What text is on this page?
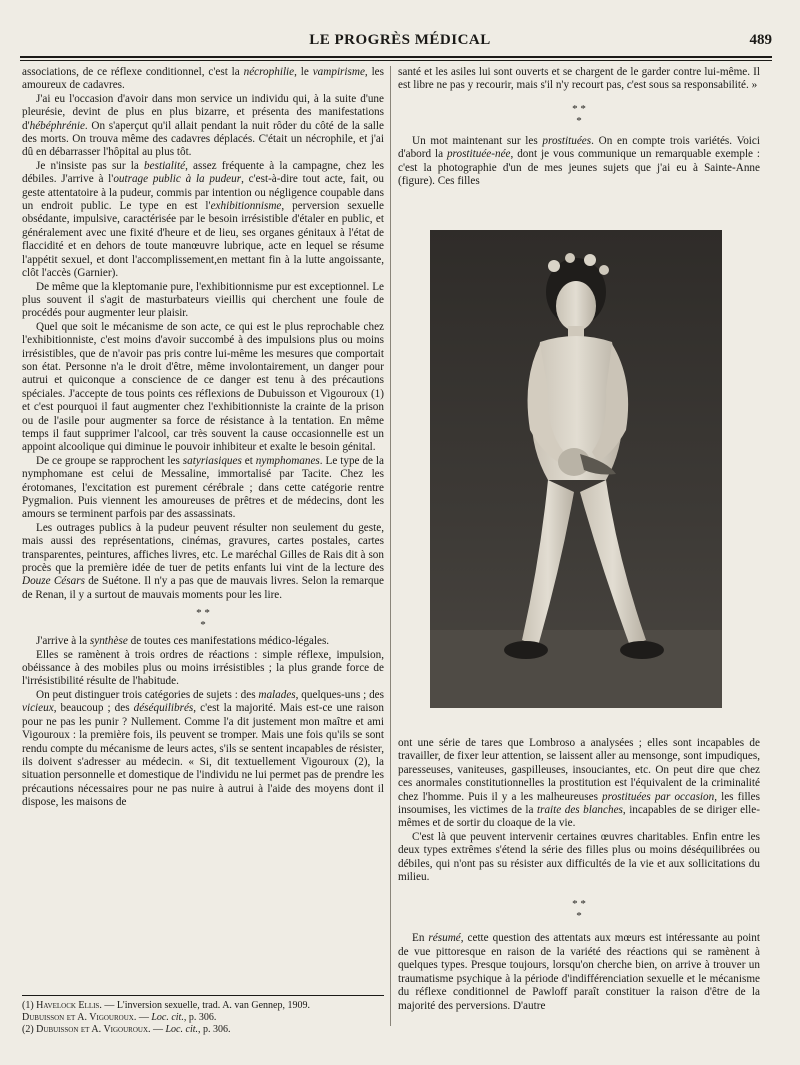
LE PROGRÈS MÉDICAL	489

associations, de ce réflexe conditionnel, c'est la nécrophilie, le vampirisme, les amoureux de cadavres.

J'ai eu l'occasion d'avoir dans mon service un individu qui, à la suite d'une pleurésie, devint de plus en plus bizarre, et présenta des manifestations d'hébéphrénie. On s'aperçut qu'il allait pendant la nuit rôder du côté de la salle des morts. On trouva même des cadavres déplacés. C'était un nécrophile, et j'ai dû en débarrasser l'hôpital au plus tôt.

Je n'insiste pas sur la bestialité, assez fréquente à la campagne, chez les débiles. J'arrive à l'outrage public à la pudeur, c'est-à-dire tout acte, fait, ou geste attentatoire à la pudeur, commis par intention ou négligence coupable dans un endroit public. Le type en est l'exhibitionnisme, perversion sexuelle obsédante, impulsive, caractérisée par le besoin irrésistible d'étaler en public, et généralement avec une fixité d'heure et de lieu, ses organes génitaux à l'état de flaccidité et en dehors de toute manœuvre lubrique, acte en lequel se résume l'appétit sexuel, et dont l'accomplissement,en mettant fin à la lutte angoissante, clôt l'accès (Garnier).

De même que la kleptomanie pure, l'exhibitionnisme pur est exceptionnel. Le plus souvent il s'agit de masturbateurs vieillis qui cherchent une foule de procédés pour augmenter leur plaisir.

Quel que soit le mécanisme de son acte, ce qui est le plus reprochable chez l'exhibitionniste, c'est moins d'avoir succombé à des impulsions plus ou moins irrésistibles, que de n'avoir pas pris contre lui-même les mesures que comportait son état. Personne n'a le droit d'être, même involontairement, un danger pour autrui et quiconque a conscience de ce danger est tenu à des précautions spéciales. J'accepte de tous points ces réflexions de Dubuisson et Vigouroux (1) et c'est pourquoi il faut augmenter chez l'exhibitionniste la crainte de la prison ou de l'asile pour augmenter sa force de résistance à la tentation. En même temps il faut supprimer l'alcool, car très souvent la cause occasionnelle est un appoint alcoolique qui diminue le pouvoir inhibiteur et exalte le besoin génital.

De ce groupe se rapprochent les satyriasiques et nymphomanes. Le type de la nymphomane est celui de Messaline, immortalisé par Tacite. Chez les érotomanes, l'excitation est purement cérébrale ; dans cette catégorie rentre Pygmalion. Puis viennent les amoureuses de prêtres et de médecins, dont les amours se terminent parfois par des assassinats.

Les outrages publics à la pudeur peuvent résulter non seulement du geste, mais aussi des représentations, cinémas, gravures, cartes postales, cartes transparentes, peintures, affiches livres, etc. Le maréchal Gilles de Rais dit à son procès que la première idée de tuer de petits enfants lui vint de la lecture des Douze Césars de Suétone. Il n'y a pas que de mauvais livres. Selon la remarque de Renan, il y a surtout de mauvais moments pour les lire.

* *
*

J'arrive à la synthèse de toutes ces manifestations médico-légales.

Elles se ramènent à trois ordres de réactions : simple réflexe, impulsion, obéissance à des mobiles plus ou moins irrésistibles ; la plus grande force de l'irrésistibilité résulte de l'habitude.

On peut distinguer trois catégories de sujets : des malades, quelques-uns ; des vicieux, beaucoup ; des déséquilibrés, c'est la majorité. Mais est-ce une raison pour ne pas les punir ? Nullement. Comme l'a dit justement mon maître et ami Vigouroux : la première fois, ils peuvent se tromper. Mais une fois qu'ils se sont rendu compte du mécanisme de leurs actes, s'ils se sentent incapables de résister, ils doivent s'adresser au médecin. « Si, dit textuellement Vigouroux (2), la situation personnelle et domestique de l'individu ne lui permet pas de prendre les précautions nécessaires pour ne pas nuire à autrui à l'aide des moyens dont il dispose, les maisons de

(1) Havelock Ellis. — L'inversion sexuelle, trad. A. van Gennep, 1909.
Dubuisson et A. Vigouroux. — Loc. cit., p. 306.
(2) Dubuisson et A. Vigouroux. — Loc. cit., p. 306.

santé et les asiles lui sont ouverts et se chargent de le garder contre lui-même. Il est libre ne pas y recourir, mais s'il n'y recourt pas, c'est sous sa responsabilité. »

* *
*

Un mot maintenant sur les prostituées. On en compte trois variétés. Voici d'abord la prostituée-née, dont je vous communique un remarquable exemple : c'est la photographie d'un de mes jeunes sujets que j'ai eu à Sainte-Anne (figure). Ces filles

ont une série de tares que Lombroso a analysées ; elles sont incapables de travailler, de fixer leur attention, se laissent aller au mensonge, sont impudiques, paresseuses, vaniteuses, gaspilleuses, insouciantes, etc. On peut dire que chez ces anormales constitutionnelles la prostitution est l'équivalent de la criminalité chez l'homme. Puis il y a les malheureuses prostituées par occasion, les filles insoumises, les victimes de la traite des blanches, incapables de se diriger elle-mêmes et de sortir du cloaque de la vie.

C'est là que peuvent intervenir certaines œuvres charitables. Enfin entre les deux types extrêmes s'étend la série des filles plus ou moins déséquilibrées ou débiles, qui n'ont pas su résister aux difficultés de la vie et aux sollicitations du milieu.

* *
*

En résumé, cette question des attentats aux mœurs est intéressante au point de vue pittoresque en raison de la variété des réactions qui se ramènent à quelques types. Presque toujours, lorsqu'on cherche bien, on arrive à trouver un traumatisme psychique à la période d'indifférenciation sexuelle et le mécanisme du réflexe conditionnel de Pawloff paraît constituer la raison d'être de la majorité des perversions. D'autre
